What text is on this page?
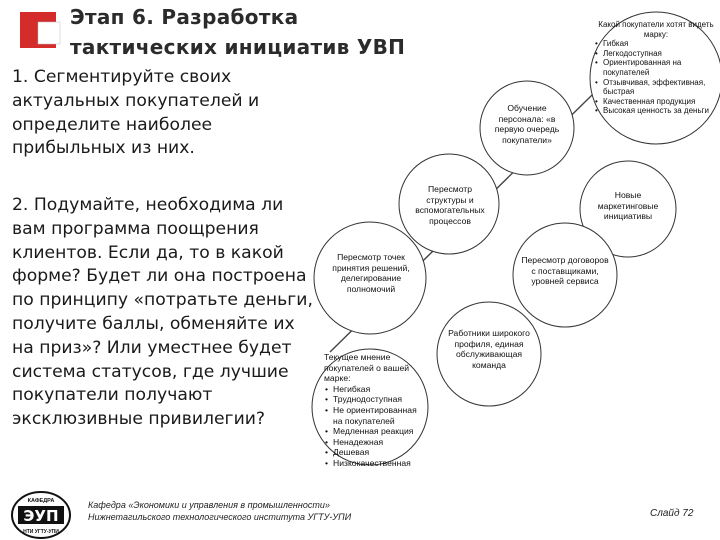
Этап 6. Разработка
тактических инициатив УВП
1. Сегментируйте своих актуальных покупателей и определите наиболее прибыльных из них.
2. Подумайте, необходима ли вам программа поощрения клиентов. Если да, то в какой форме? Будет ли она построена по принципу «потратьте деньги, получите баллы, обменяйте их на приз»? Или уместнее будет система статусов, где лучшие покупатели получают эксклюзивные привилегии?
Текущее мнение покупателей о вашей марке:
• Негибкая
• Труднодоступная
• Не ориентированная на покупателей
• Медленная реакция
• Ненадежная
• Дешевая
• Низкокачественная
Пересмотр точек принятия решений, делегирование полномочий
Пересмотр структуры и вспомогательных процессов
Обучение персонала: «в первую очередь покупатели»
Какой покупатели хотят видеть марку:
• Гибкая
• Легкодоступная
• Ориентированная на покупателей
• Отзывчивая, эффективная, быстрая
• Качественная продукция
• Высокая ценность за деньги
Новые маркетинговые инициативы
Пересмотр договоров с поставщиками, уровней сервиса
Работники широкого профиля, единая обслуживающая команда
КАФЕДРА
ЭУП
НТИ УГТУ-УПИ
Кафедра «Экономики и управления в промышленности» Нижнетагильского технологического института УГТУ-УПИ	Слайд 72
